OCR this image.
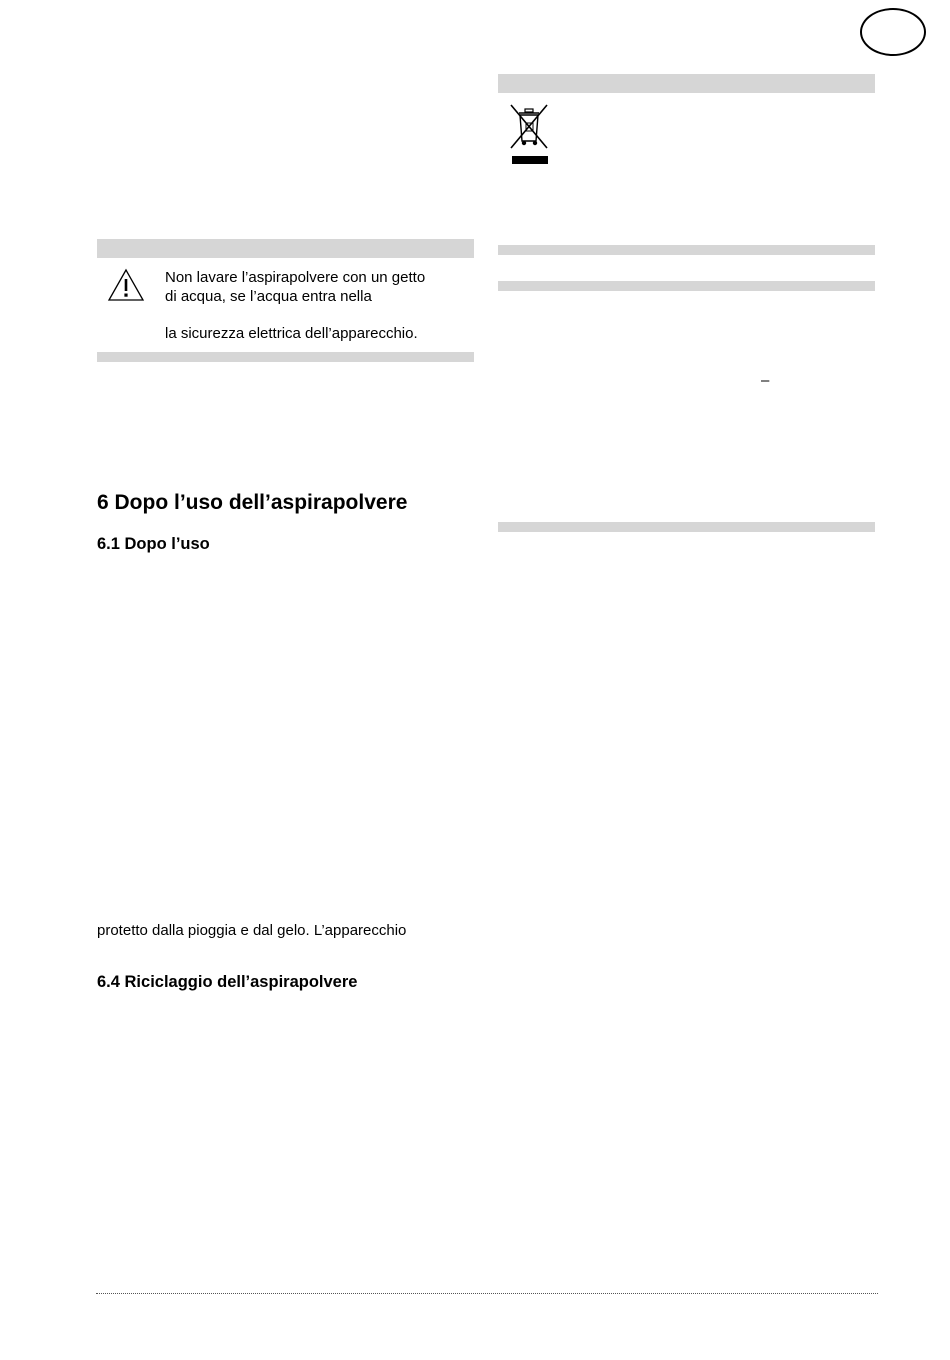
Non lavare l’aspirapolvere con un getto
di acqua, se l’acqua entra nella
la sicurezza elettrica dell’apparecchio.
6 Dopo l’uso dell’aspirapolvere
6.1 Dopo l’uso
protetto dalla pioggia e dal gelo. L’apparecchio
6.4 Riciclaggio dell’aspirapolvere
–
